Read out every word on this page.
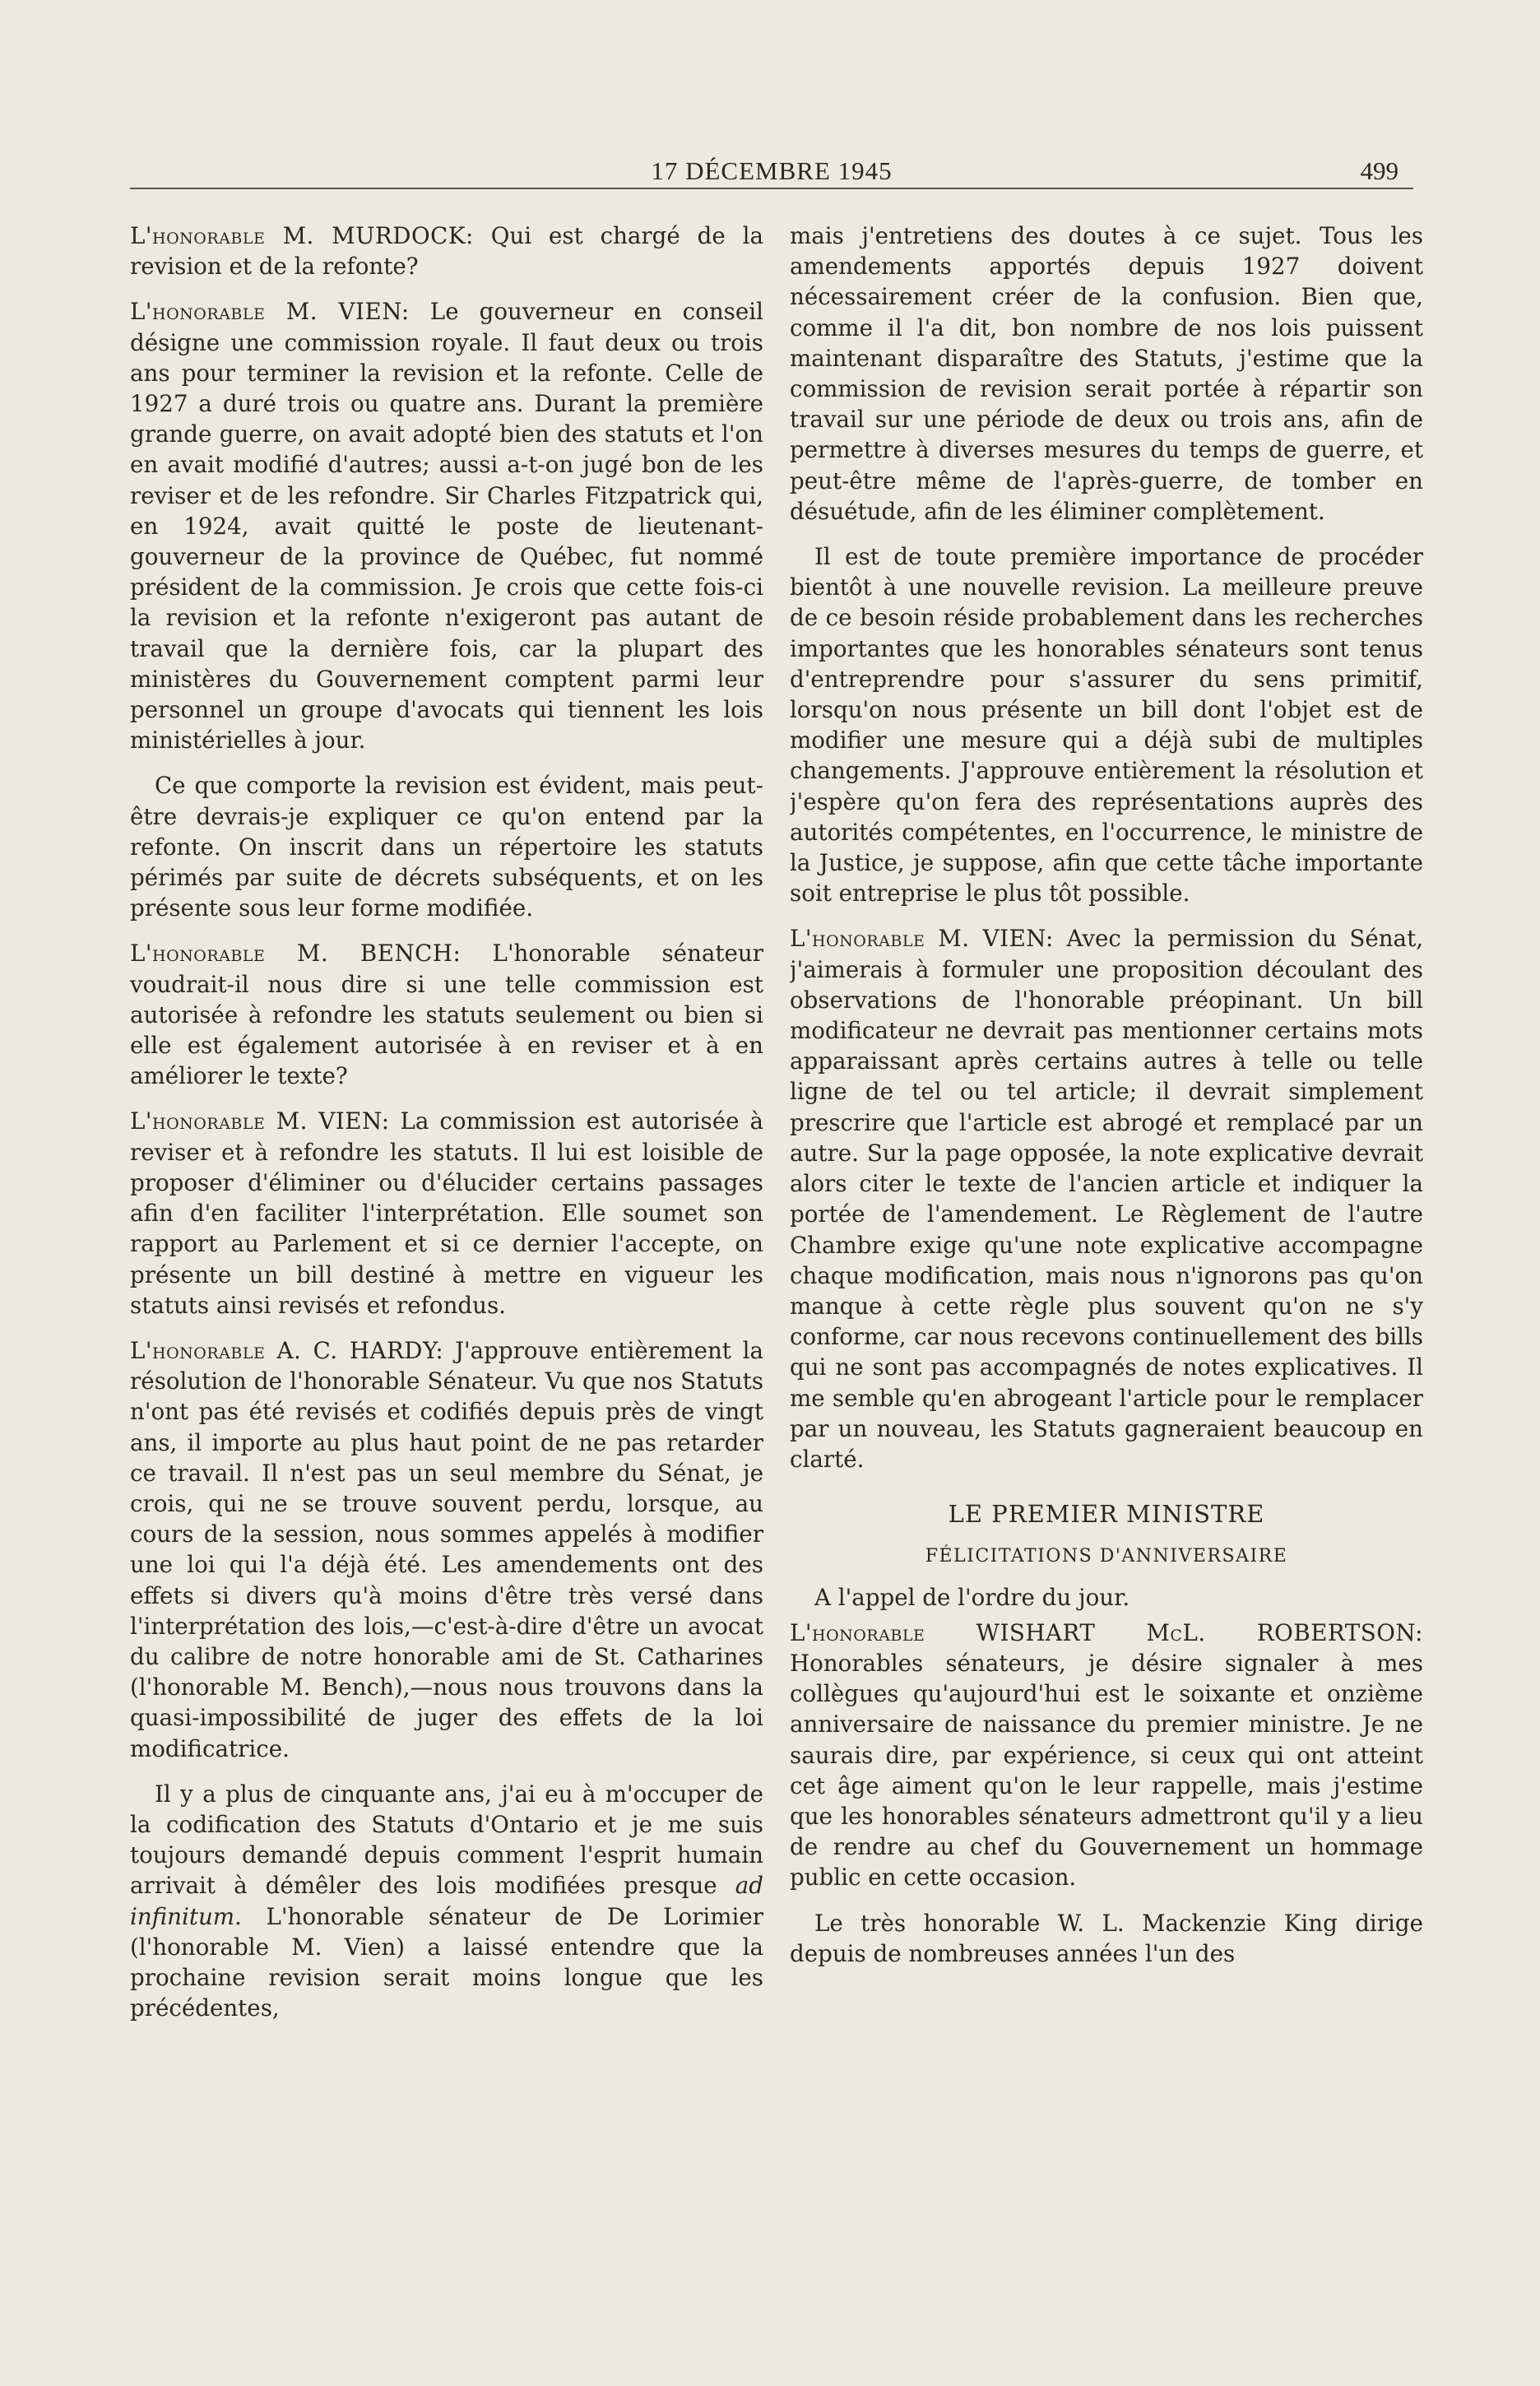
17 DÉCEMBRE 1945	499

L'honorable M. MURDOCK: Qui est chargé de la revision et de la refonte?

L'honorable M. VIEN: Le gouverneur en conseil désigne une commission royale. Il faut deux ou trois ans pour terminer la revision et la refonte. Celle de 1927 a duré trois ou quatre ans. Durant la première grande guerre, on avait adopté bien des statuts et l'on en avait modifié d'autres; aussi a-t-on jugé bon de les reviser et de les refondre. Sir Charles Fitzpatrick qui, en 1924, avait quitté le poste de lieutenant-gouverneur de la province de Québec, fut nommé président de la commission. Je crois que cette fois-ci la revision et la refonte n'exigeront pas autant de travail que la dernière fois, car la plupart des ministères du Gouvernement comptent parmi leur personnel un groupe d'avocats qui tiennent les lois ministérielles à jour.

Ce que comporte la revision est évident, mais peut-être devrais-je expliquer ce qu'on entend par la refonte. On inscrit dans un répertoire les statuts périmés par suite de décrets subséquents, et on les présente sous leur forme modifiée.

L'honorable M. BENCH: L'honorable sénateur voudrait-il nous dire si une telle commission est autorisée à refondre les statuts seulement ou bien si elle est également autorisée à en reviser et à en améliorer le texte?

L'honorable M. VIEN: La commission est autorisée à reviser et à refondre les statuts. Il lui est loisible de proposer d'éliminer ou d'élucider certains passages afin d'en faciliter l'interprétation. Elle soumet son rapport au Parlement et si ce dernier l'accepte, on présente un bill destiné à mettre en vigueur les statuts ainsi revisés et refondus.

L'honorable A. C. HARDY: J'approuve entièrement la résolution de l'honorable Sénateur. Vu que nos Statuts n'ont pas été revisés et codifiés depuis près de vingt ans, il importe au plus haut point de ne pas retarder ce travail. Il n'est pas un seul membre du Sénat, je crois, qui ne se trouve souvent perdu, lorsque, au cours de la session, nous sommes appelés à modifier une loi qui l'a déjà été. Les amendements ont des effets si divers qu'à moins d'être très versé dans l'interprétation des lois,—c'est-à-dire d'être un avocat du calibre de notre honorable ami de St. Catharines (l'honorable M. Bench),—nous nous trouvons dans la quasi-impossibilité de juger des effets de la loi modificatrice.

Il y a plus de cinquante ans, j'ai eu à m'occuper de la codification des Statuts d'Ontario et je me suis toujours demandé depuis comment l'esprit humain arrivait à démêler des lois modifiées presque ad infinitum. L'honorable sénateur de De Lorimier (l'honorable M. Vien) a laissé entendre que la prochaine revision serait moins longue que les précédentes,

mais j'entretiens des doutes à ce sujet. Tous les amendements apportés depuis 1927 doivent nécessairement créer de la confusion. Bien que, comme il l'a dit, bon nombre de nos lois puissent maintenant disparaître des Statuts, j'estime que la commission de revision serait portée à répartir son travail sur une période de deux ou trois ans, afin de permettre à diverses mesures du temps de guerre, et peut-être même de l'après-guerre, de tomber en désuétude, afin de les éliminer complètement.

Il est de toute première importance de procéder bientôt à une nouvelle revision. La meilleure preuve de ce besoin réside probablement dans les recherches importantes que les honorables sénateurs sont tenus d'entreprendre pour s'assurer du sens primitif, lorsqu'on nous présente un bill dont l'objet est de modifier une mesure qui a déjà subi de multiples changements. J'approuve entièrement la résolution et j'espère qu'on fera des représentations auprès des autorités compétentes, en l'occurrence, le ministre de la Justice, je suppose, afin que cette tâche importante soit entreprise le plus tôt possible.

L'honorable M. VIEN: Avec la permission du Sénat, j'aimerais à formuler une proposition découlant des observations de l'honorable préopinant. Un bill modificateur ne devrait pas mentionner certains mots apparaissant après certains autres à telle ou telle ligne de tel ou tel article; il devrait simplement prescrire que l'article est abrogé et remplacé par un autre. Sur la page opposée, la note explicative devrait alors citer le texte de l'ancien article et indiquer la portée de l'amendement. Le Règlement de l'autre Chambre exige qu'une note explicative accompagne chaque modification, mais nous n'ignorons pas qu'on manque à cette règle plus souvent qu'on ne s'y conforme, car nous recevons continuellement des bills qui ne sont pas accompagnés de notes explicatives. Il me semble qu'en abrogeant l'article pour le remplacer par un nouveau, les Statuts gagneraient beaucoup en clarté.

LE PREMIER MINISTRE
FÉLICITATIONS D'ANNIVERSAIRE

A l'appel de l'ordre du jour.

L'honorable WISHART McL. ROBERTSON: Honorables sénateurs, je désire signaler à mes collègues qu'aujourd'hui est le soixante et onzième anniversaire de naissance du premier ministre. Je ne saurais dire, par expérience, si ceux qui ont atteint cet âge aiment qu'on le leur rappelle, mais j'estime que les honorables sénateurs admettront qu'il y a lieu de rendre au chef du Gouvernement un hommage public en cette occasion.

Le très honorable W. L. Mackenzie King dirige depuis de nombreuses années l'un des
